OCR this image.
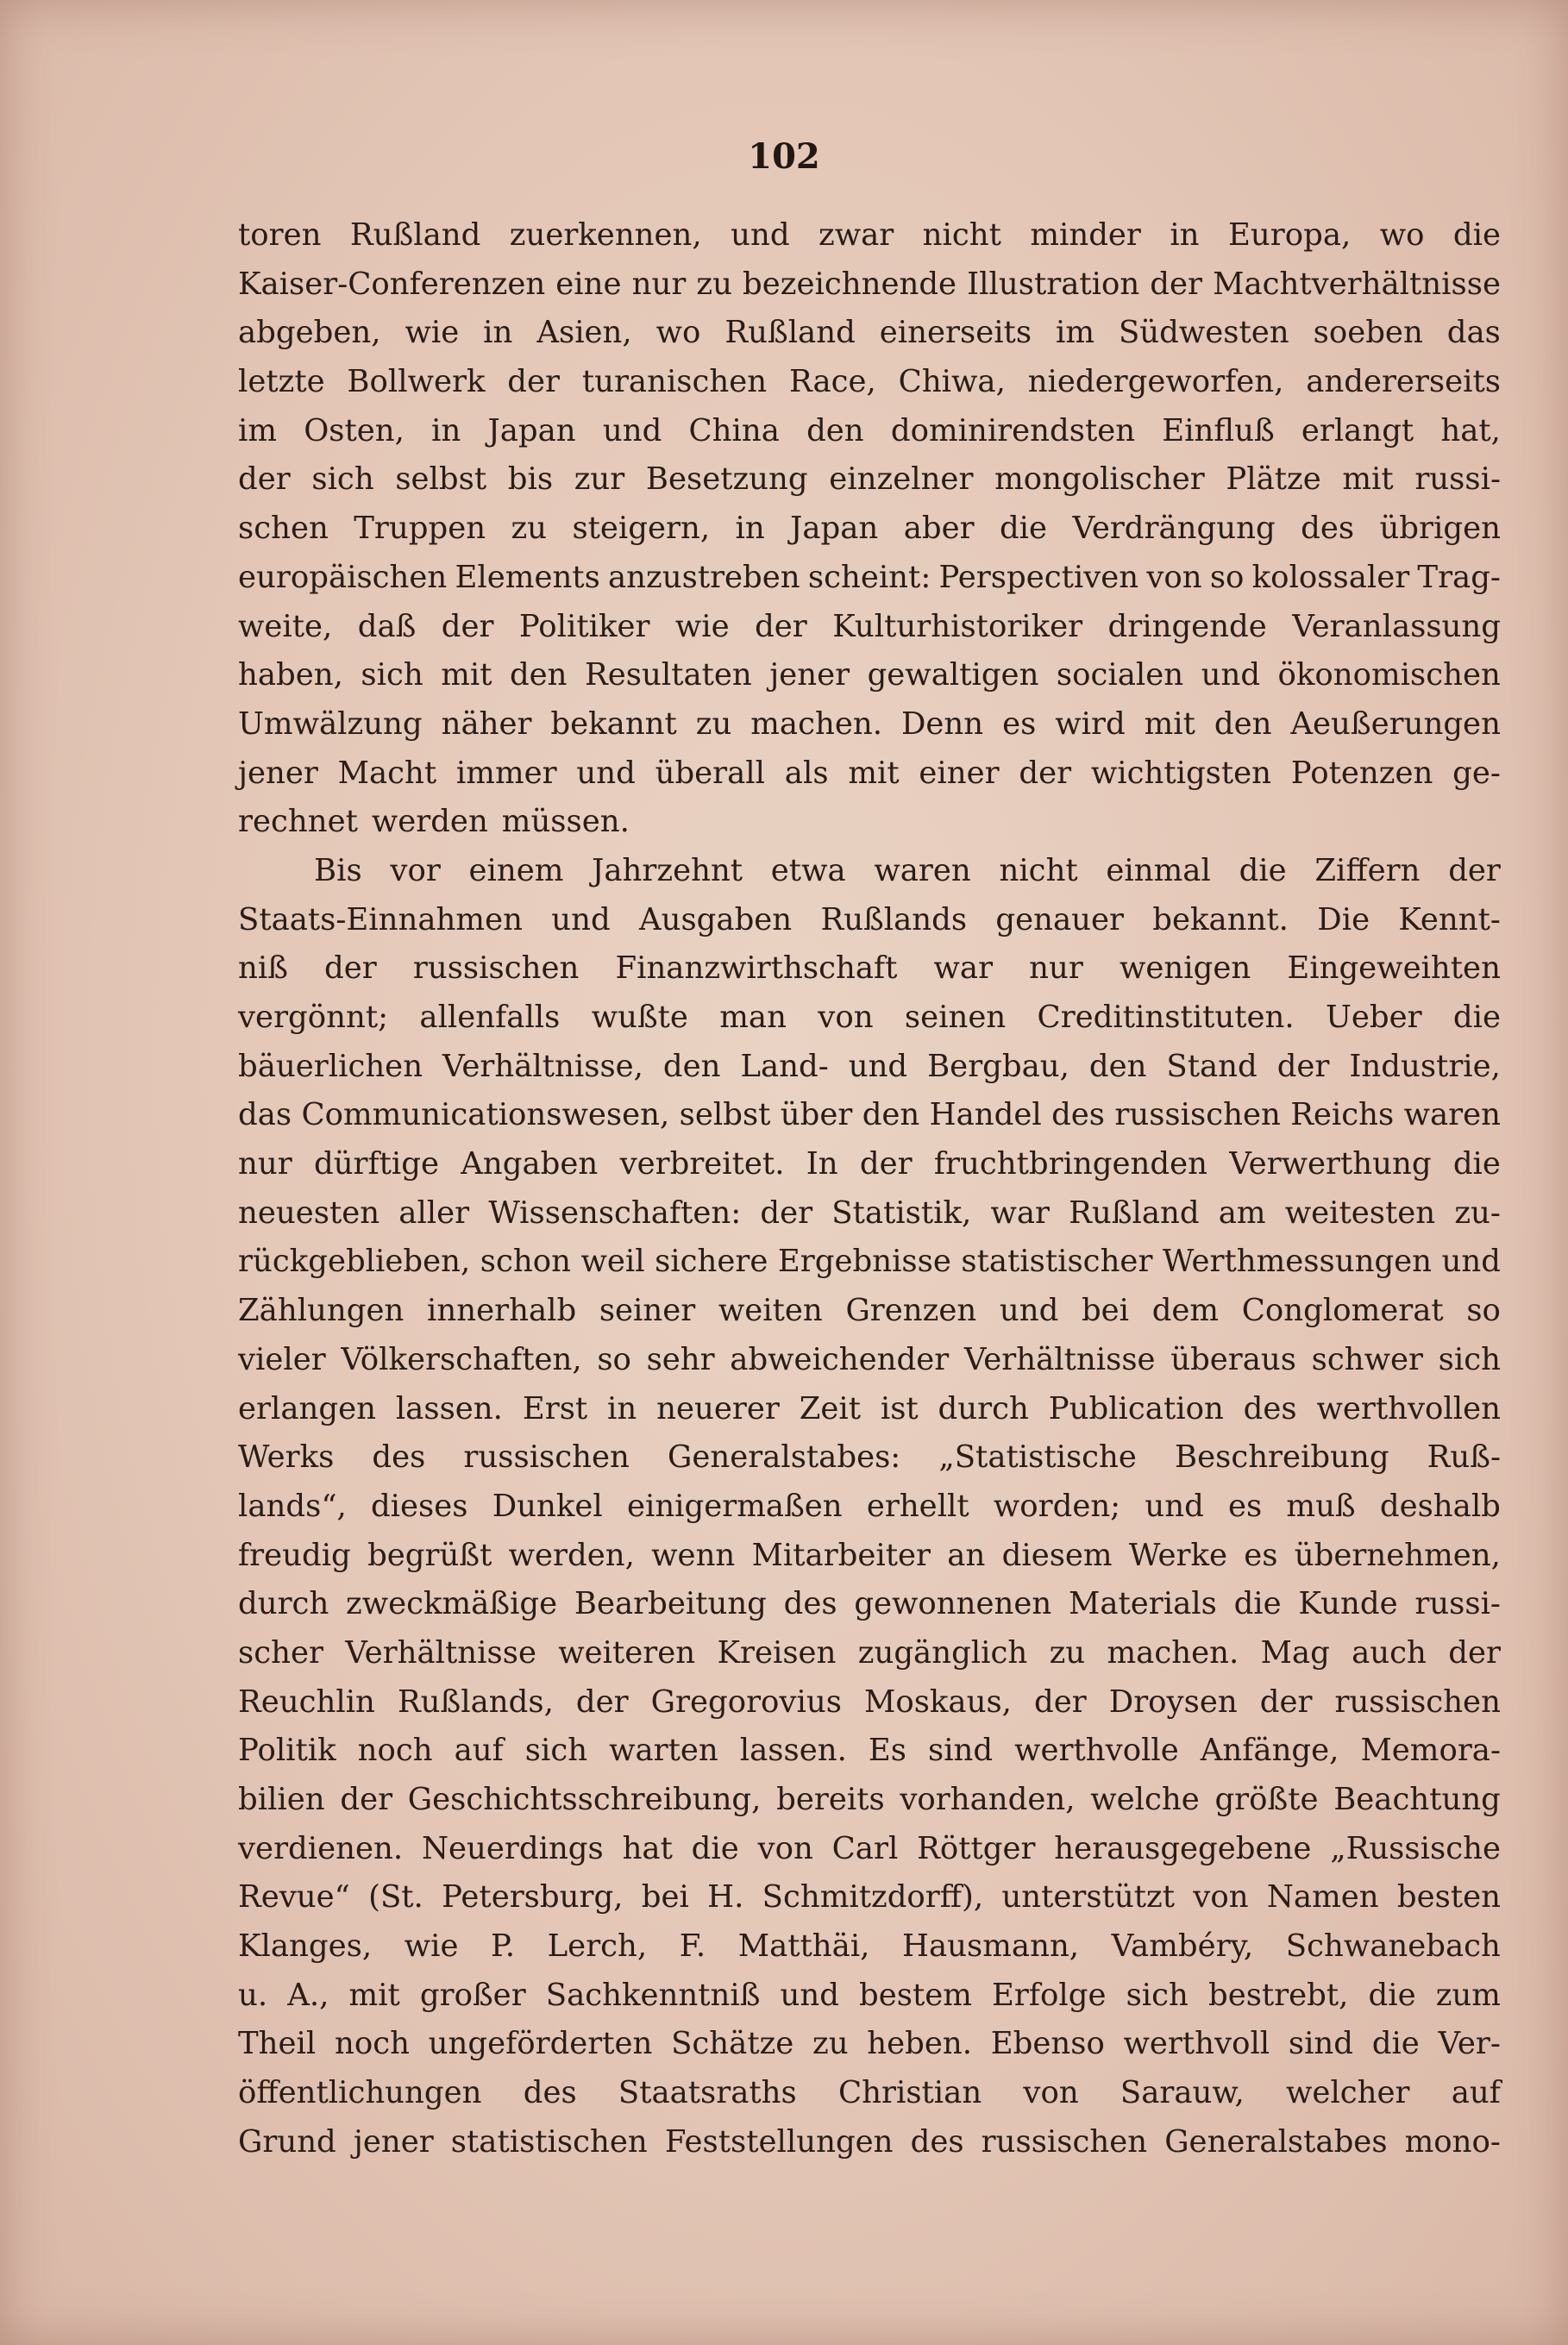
102
toren Rußland zuerkennen, und zwar nicht minder in Europa, wo die
Kaiser-Conferenzen eine nur zu bezeichnende Illustration der Machtverhältnisse
abgeben, wie in Asien, wo Rußland einerseits im Südwesten soeben das
letzte Bollwerk der turanischen Race, Chiwa, niedergeworfen, andererseits
im Osten, in Japan und China den dominirendsten Einfluß erlangt hat,
der sich selbst bis zur Besetzung einzelner mongolischer Plätze mit russi-
schen Truppen zu steigern, in Japan aber die Verdrängung des übrigen
europäischen Elements anzustreben scheint: Perspectiven von so kolossaler Trag-
weite, daß der Politiker wie der Kulturhistoriker dringende Veranlassung
haben, sich mit den Resultaten jener gewaltigen socialen und ökonomischen
Umwälzung näher bekannt zu machen. Denn es wird mit den Aeußerungen
jener Macht immer und überall als mit einer der wichtigsten Potenzen ge-
rechnet werden müssen.
Bis vor einem Jahrzehnt etwa waren nicht einmal die Ziffern der
Staats-Einnahmen und Ausgaben Rußlands genauer bekannt. Die Kennt-
niß der russischen Finanzwirthschaft war nur wenigen Eingeweihten
vergönnt; allenfalls wußte man von seinen Creditinstituten. Ueber die
bäuerlichen Verhältnisse, den Land- und Bergbau, den Stand der Industrie,
das Communicationswesen, selbst über den Handel des russischen Reichs waren
nur dürftige Angaben verbreitet. In der fruchtbringenden Verwerthung die
neuesten aller Wissenschaften: der Statistik, war Rußland am weitesten zu-
rückgeblieben, schon weil sichere Ergebnisse statistischer Werthmessungen und
Zählungen innerhalb seiner weiten Grenzen und bei dem Conglomerat so
vieler Völkerschaften, so sehr abweichender Verhältnisse überaus schwer sich
erlangen lassen. Erst in neuerer Zeit ist durch Publication des werthvollen
Werks des russischen Generalstabes: „Statistische Beschreibung Ruß-
lands“, dieses Dunkel einigermaßen erhellt worden; und es muß deshalb
freudig begrüßt werden, wenn Mitarbeiter an diesem Werke es übernehmen,
durch zweckmäßige Bearbeitung des gewonnenen Materials die Kunde russi-
scher Verhältnisse weiteren Kreisen zugänglich zu machen. Mag auch der
Reuchlin Rußlands, der Gregorovius Moskaus, der Droysen der russischen
Politik noch auf sich warten lassen. Es sind werthvolle Anfänge, Memora-
bilien der Geschichtsschreibung, bereits vorhanden, welche größte Beachtung
verdienen. Neuerdings hat die von Carl Röttger herausgegebene „Russische
Revue“ (St. Petersburg, bei H. Schmitzdorff), unterstützt von Namen besten
Klanges, wie P. Lerch, F. Matthäi, Hausmann, Vambéry, Schwanebach
u. A., mit großer Sachkenntniß und bestem Erfolge sich bestrebt, die zum
Theil noch ungeförderten Schätze zu heben. Ebenso werthvoll sind die Ver-
öffentlichungen des Staatsraths Christian von Sarauw, welcher auf
Grund jener statistischen Feststellungen des russischen Generalstabes mono-
